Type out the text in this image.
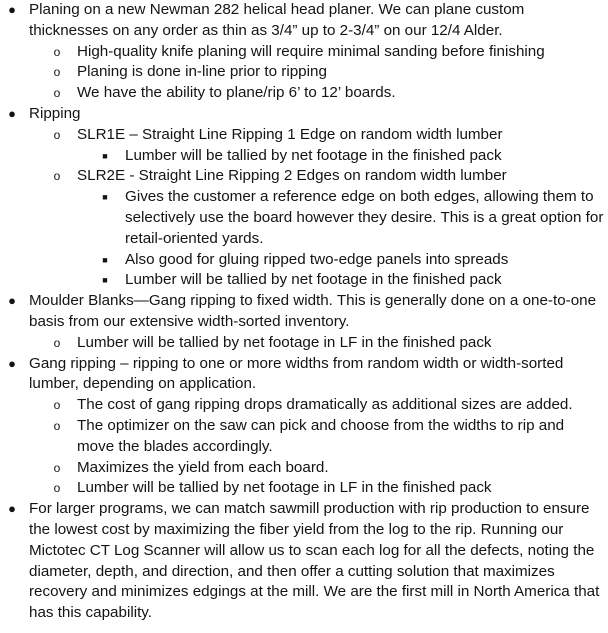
● Planing on a new Newman 282 helical head planer. We can plane custom thicknesses on any order as thin as 3/4” up to 2-3/4” on our 12/4 Alder.
o High-quality knife planing will require minimal sanding before finishing
o Planing is done in-line prior to ripping
o We have the ability to plane/rip 6’ to 12’ boards.
● Ripping
o SLR1E – Straight Line Ripping 1 Edge on random width lumber
■ Lumber will be tallied by net footage in the finished pack
o SLR2E - Straight Line Ripping 2 Edges on random width lumber
■ Gives the customer a reference edge on both edges, allowing them to selectively use the board however they desire. This is a great option for retail-oriented yards.
■ Also good for gluing ripped two-edge panels into spreads
■ Lumber will be tallied by net footage in the finished pack
● Moulder Blanks—Gang ripping to fixed width. This is generally done on a one-to-one basis from our extensive width-sorted inventory.
o Lumber will be tallied by net footage in LF in the finished pack
● Gang ripping – ripping to one or more widths from random width or width-sorted lumber, depending on application.
o The cost of gang ripping drops dramatically as additional sizes are added.
o The optimizer on the saw can pick and choose from the widths to rip and move the blades accordingly.
o Maximizes the yield from each board.
o Lumber will be tallied by net footage in LF in the finished pack
● For larger programs, we can match sawmill production with rip production to ensure the lowest cost by maximizing the fiber yield from the log to the rip. Running our Mictotec CT Log Scanner will allow us to scan each log for all the defects, noting the diameter, depth, and direction, and then offer a cutting solution that maximizes recovery and minimizes edgings at the mill. We are the first mill in North America that has this capability.
